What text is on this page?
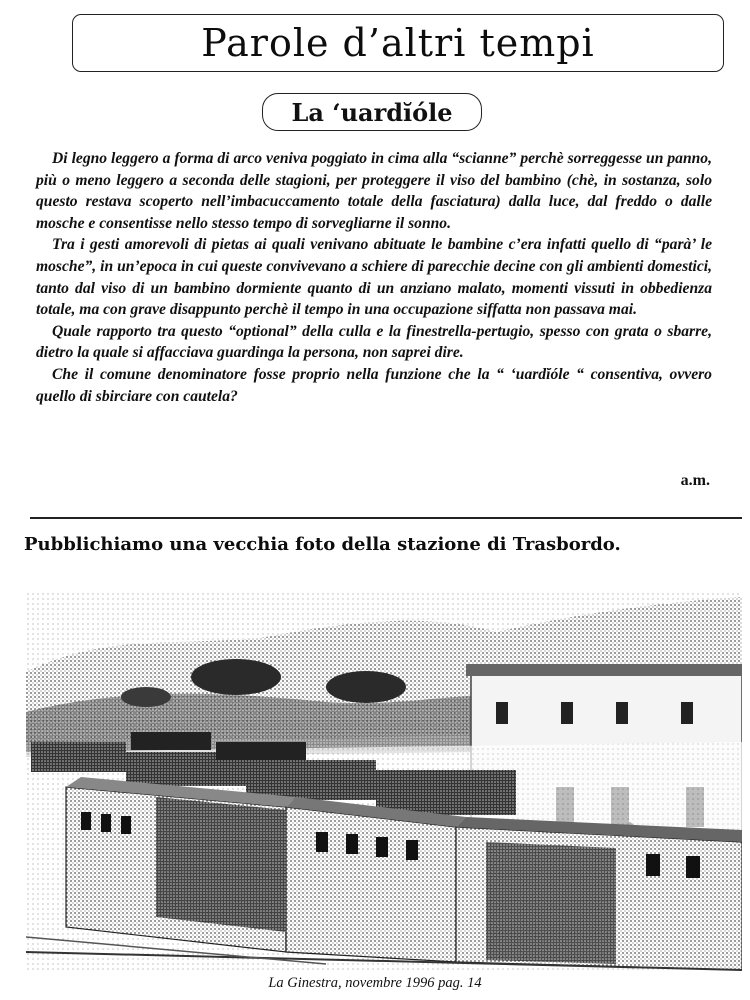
Parole d’altri tempi
La ‘uardĭóle

Di legno leggero a forma di arco veniva poggiato in cima alla “scianne” perchè sorreggesse un panno, più o meno leggero a seconda delle stagioni, per proteggere il viso del bambino (chè, in sostanza, solo questo restava scoperto nell’imbacuccamento totale della fasciatura) dalla luce, dal freddo o dalle mosche e consentisse nello stesso tempo di sorvegliarne il sonno.

Tra i gesti amorevoli di pietas ai quali venivano abituate le bambine c’era infatti quello di “parà’ le mosche”, in un’epoca in cui queste convivevano a schiere di parecchie decine con gli ambienti domestici, tanto dal viso di un bambino dormiente quanto di un anziano malato, momenti vissuti in obbedienza totale, ma con grave disappunto perchè il tempo in una occupazione siffatta non passava mai.

Quale rapporto tra questo “optional” della culla e la finestrella-pertugio, spesso con grata o sbarre, dietro la quale si affacciava guardinga la persona, non saprei dire.

Che il comune denominatore fosse proprio nella funzione che la “ ‘uardĭóle “ consentiva, ovvero quello di sbirciare con cautela?

a.m.
Pubblichiamo una vecchia foto della stazione di Trasbordo.
La Ginestra, novembre 1996 pag. 14
